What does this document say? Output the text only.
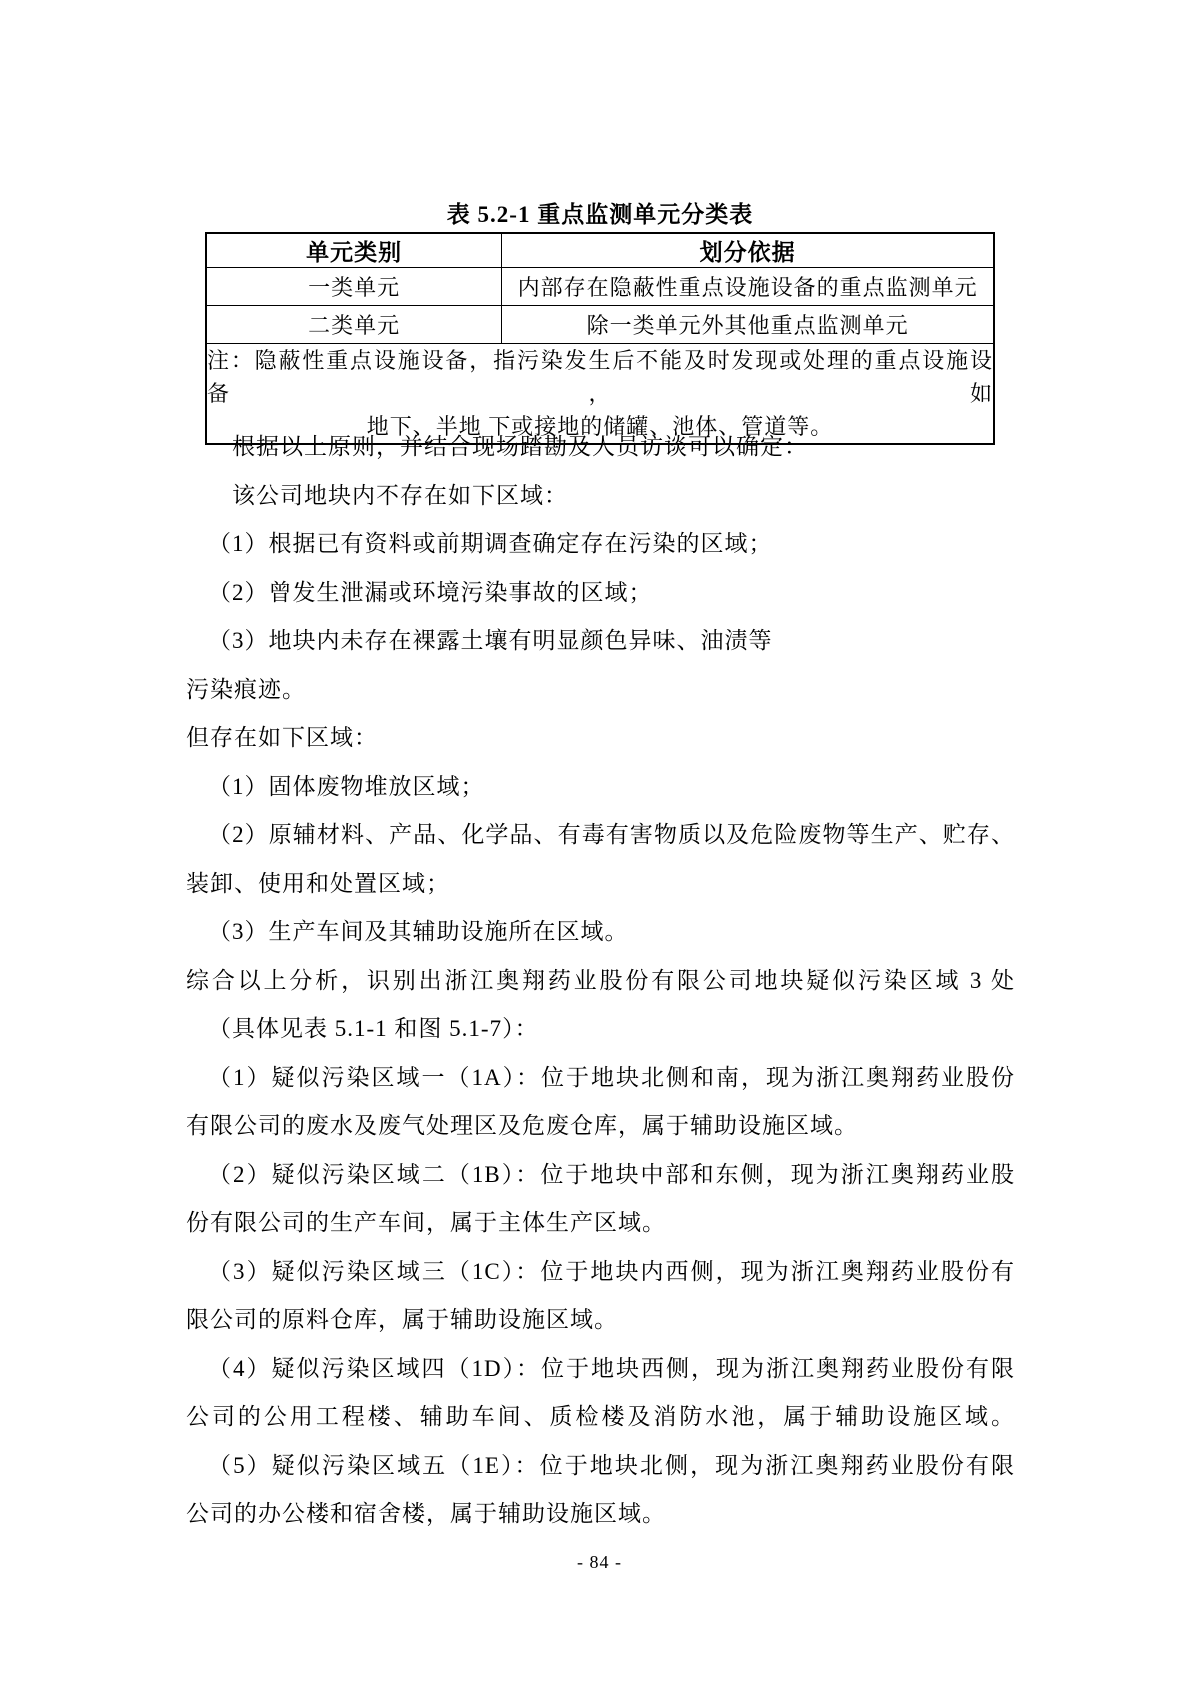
表 5.2-1 重点监测单元分类表
单元类别	划分依据
一类单元	内部存在隐蔽性重点设施设备的重点监测单元
二类单元	除一类单元外其他重点监测单元

注：隐蔽性重点设施设备，指污染发生后不能及时发现或处理的重点设施设备，如
地下、半地 下或接地的储罐、池体、管道等。	
根据以上原则，并结合现场踏勘及人员访谈可以确定：
该公司地块内不存在如下区域：
（1）根据已有资料或前期调查确定存在污染的区域；
（2）曾发生泄漏或环境污染事故的区域；
（3）地块内未存在裸露土壤有明显颜色异味、油渍等
污染痕迹。
但存在如下区域：
（1）固体废物堆放区域；
（2）原辅材料、产品、化学品、有毒有害物质以及危险废物等生产、贮存、
装卸、使用和处置区域；
（3）生产车间及其辅助设施所在区域。
综合以上分析，识别出浙江奥翔药业股份有限公司地块疑似污染区域 3 处
（具体见表 5.1-1 和图 5.1-7）：
（1）疑似污染区域一（1A）：位于地块北侧和南，现为浙江奥翔药业股份
有限公司的废水及废气处理区及危废仓库，属于辅助设施区域。
（2）疑似污染区域二（1B）：位于地块中部和东侧，现为浙江奥翔药业股
份有限公司的生产车间，属于主体生产区域。
（3）疑似污染区域三（1C）：位于地块内西侧，现为浙江奥翔药业股份有
限公司的原料仓库，属于辅助设施区域。
（4）疑似污染区域四（1D）：位于地块西侧，现为浙江奥翔药业股份有限
公司的公用工程楼、辅助车间、质检楼及消防水池，属于辅助设施区域。
（5）疑似污染区域五（1E）：位于地块北侧，现为浙江奥翔药业股份有限
公司的办公楼和宿舍楼，属于辅助设施区域。
- 84 -
